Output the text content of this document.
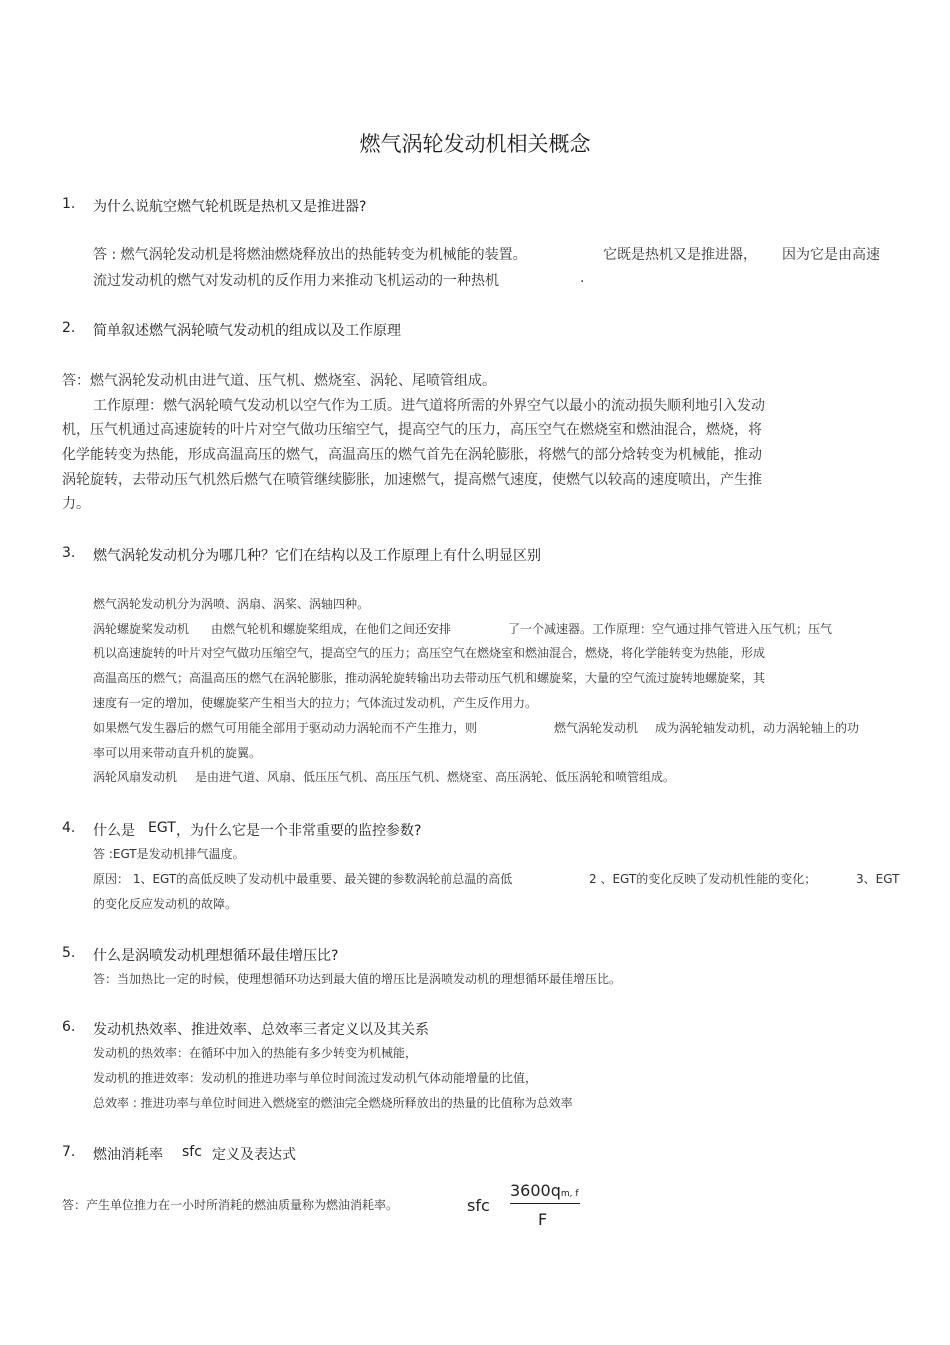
燃气涡轮发动机相关概念
1. 为什么说航空燃气轮机既是热机又是推进器?
答 : 燃气涡轮发动机是将燃油燃烧释放出的热能转变为机械能的装置。	它既是热机又是推进器， 因为它是由高速
流过发动机的燃气对发动机的反作用力来推动飞机运动的一种热机	.
2. 简单叙述燃气涡轮喷气发动机的组成以及工作原理
答：燃气涡轮发动机由进气道、压气机、燃烧室、涡轮、尾喷管组成。
工作原理：燃气涡轮喷气发动机以空气作为工质。进气道将所需的外界空气以最小的流动损失顺利地引入发动
机，压气机通过高速旋转的叶片对空气做功压缩空气，提高空气的压力，高压空气在燃烧室和燃油混合，燃烧，将
化学能转变为热能，形成高温高压的燃气，高温高压的燃气首先在涡轮膨胀，将燃气的部分焓转变为机械能，推动
涡轮旋转，去带动压气机然后燃气在喷管继续膨胀，加速燃气，提高燃气速度，使燃气以较高的速度喷出，产生推
力。
3. 燃气涡轮发动机分为哪几种？它们在结构以及工作原理上有什么明显区别
燃气涡轮发动机分为涡喷、涡扇、涡桨、涡轴四种。
涡轮螺旋桨发动机 由燃气轮机和螺旋桨组成，在他们之间还安排	了一个减速器。工作原理：空气通过排气管进入压气机；压气
机以高速旋转的叶片对空气做功压缩空气，提高空气的压力；高压空气在燃烧室和燃油混合，燃烧，将化学能转变为热能，形成
高温高压的燃气；高温高压的燃气在涡轮膨胀，推动涡轮旋转输出功去带动压气机和螺旋桨，大量的空气流过旋转地螺旋桨，其
速度有一定的增加，使螺旋桨产生相当大的拉力；气体流过发动机，产生反作用力。
如果燃气发生器后的燃气可用能全部用于驱动动力涡轮而不产生推力，则	燃气涡轮发动机 成为涡轮轴发动机，动力涡轮轴上的功
率可以用来带动直升机的旋翼。
涡轮风扇发动机 是由进气道、风扇、低压压气机、高压压气机、燃烧室、高压涡轮、低压涡轮和喷管组成。
4. 什么是 EGT ，为什么它是一个非常重要的监控参数?
答 :EGT是发动机排气温度。
原因： 1、EGT的高低反映了发动机中最重要、最关键的参数涡轮前总温的高低	2 、EGT的变化反映了发动机性能的变化；	3、EGT
的变化反应发动机的故障。
5. 什么是涡喷发动机理想循环最佳增压比?
答：当加热比一定的时候，使理想循环功达到最大值的增压比是涡喷发动机的理想循环最佳增压比。
6. 发动机热效率、推进效率、总效率三者定义以及其关系
发动机的热效率：在循环中加入的热能有多少转变为机械能，
发动机的推进效率：发动机的推进功率与单位时间流过发动机气体动能增量的比值，
总效率 : 推进功率与单位时间进入燃烧室的燃油完全燃烧所释放出的热量的比值称为总效率
7. 燃油消耗率 sfc 定义及表达式
答：产生单位推力在一小时所消耗的燃油质量称为燃油消耗率。	sfc
3600qm, f
F
